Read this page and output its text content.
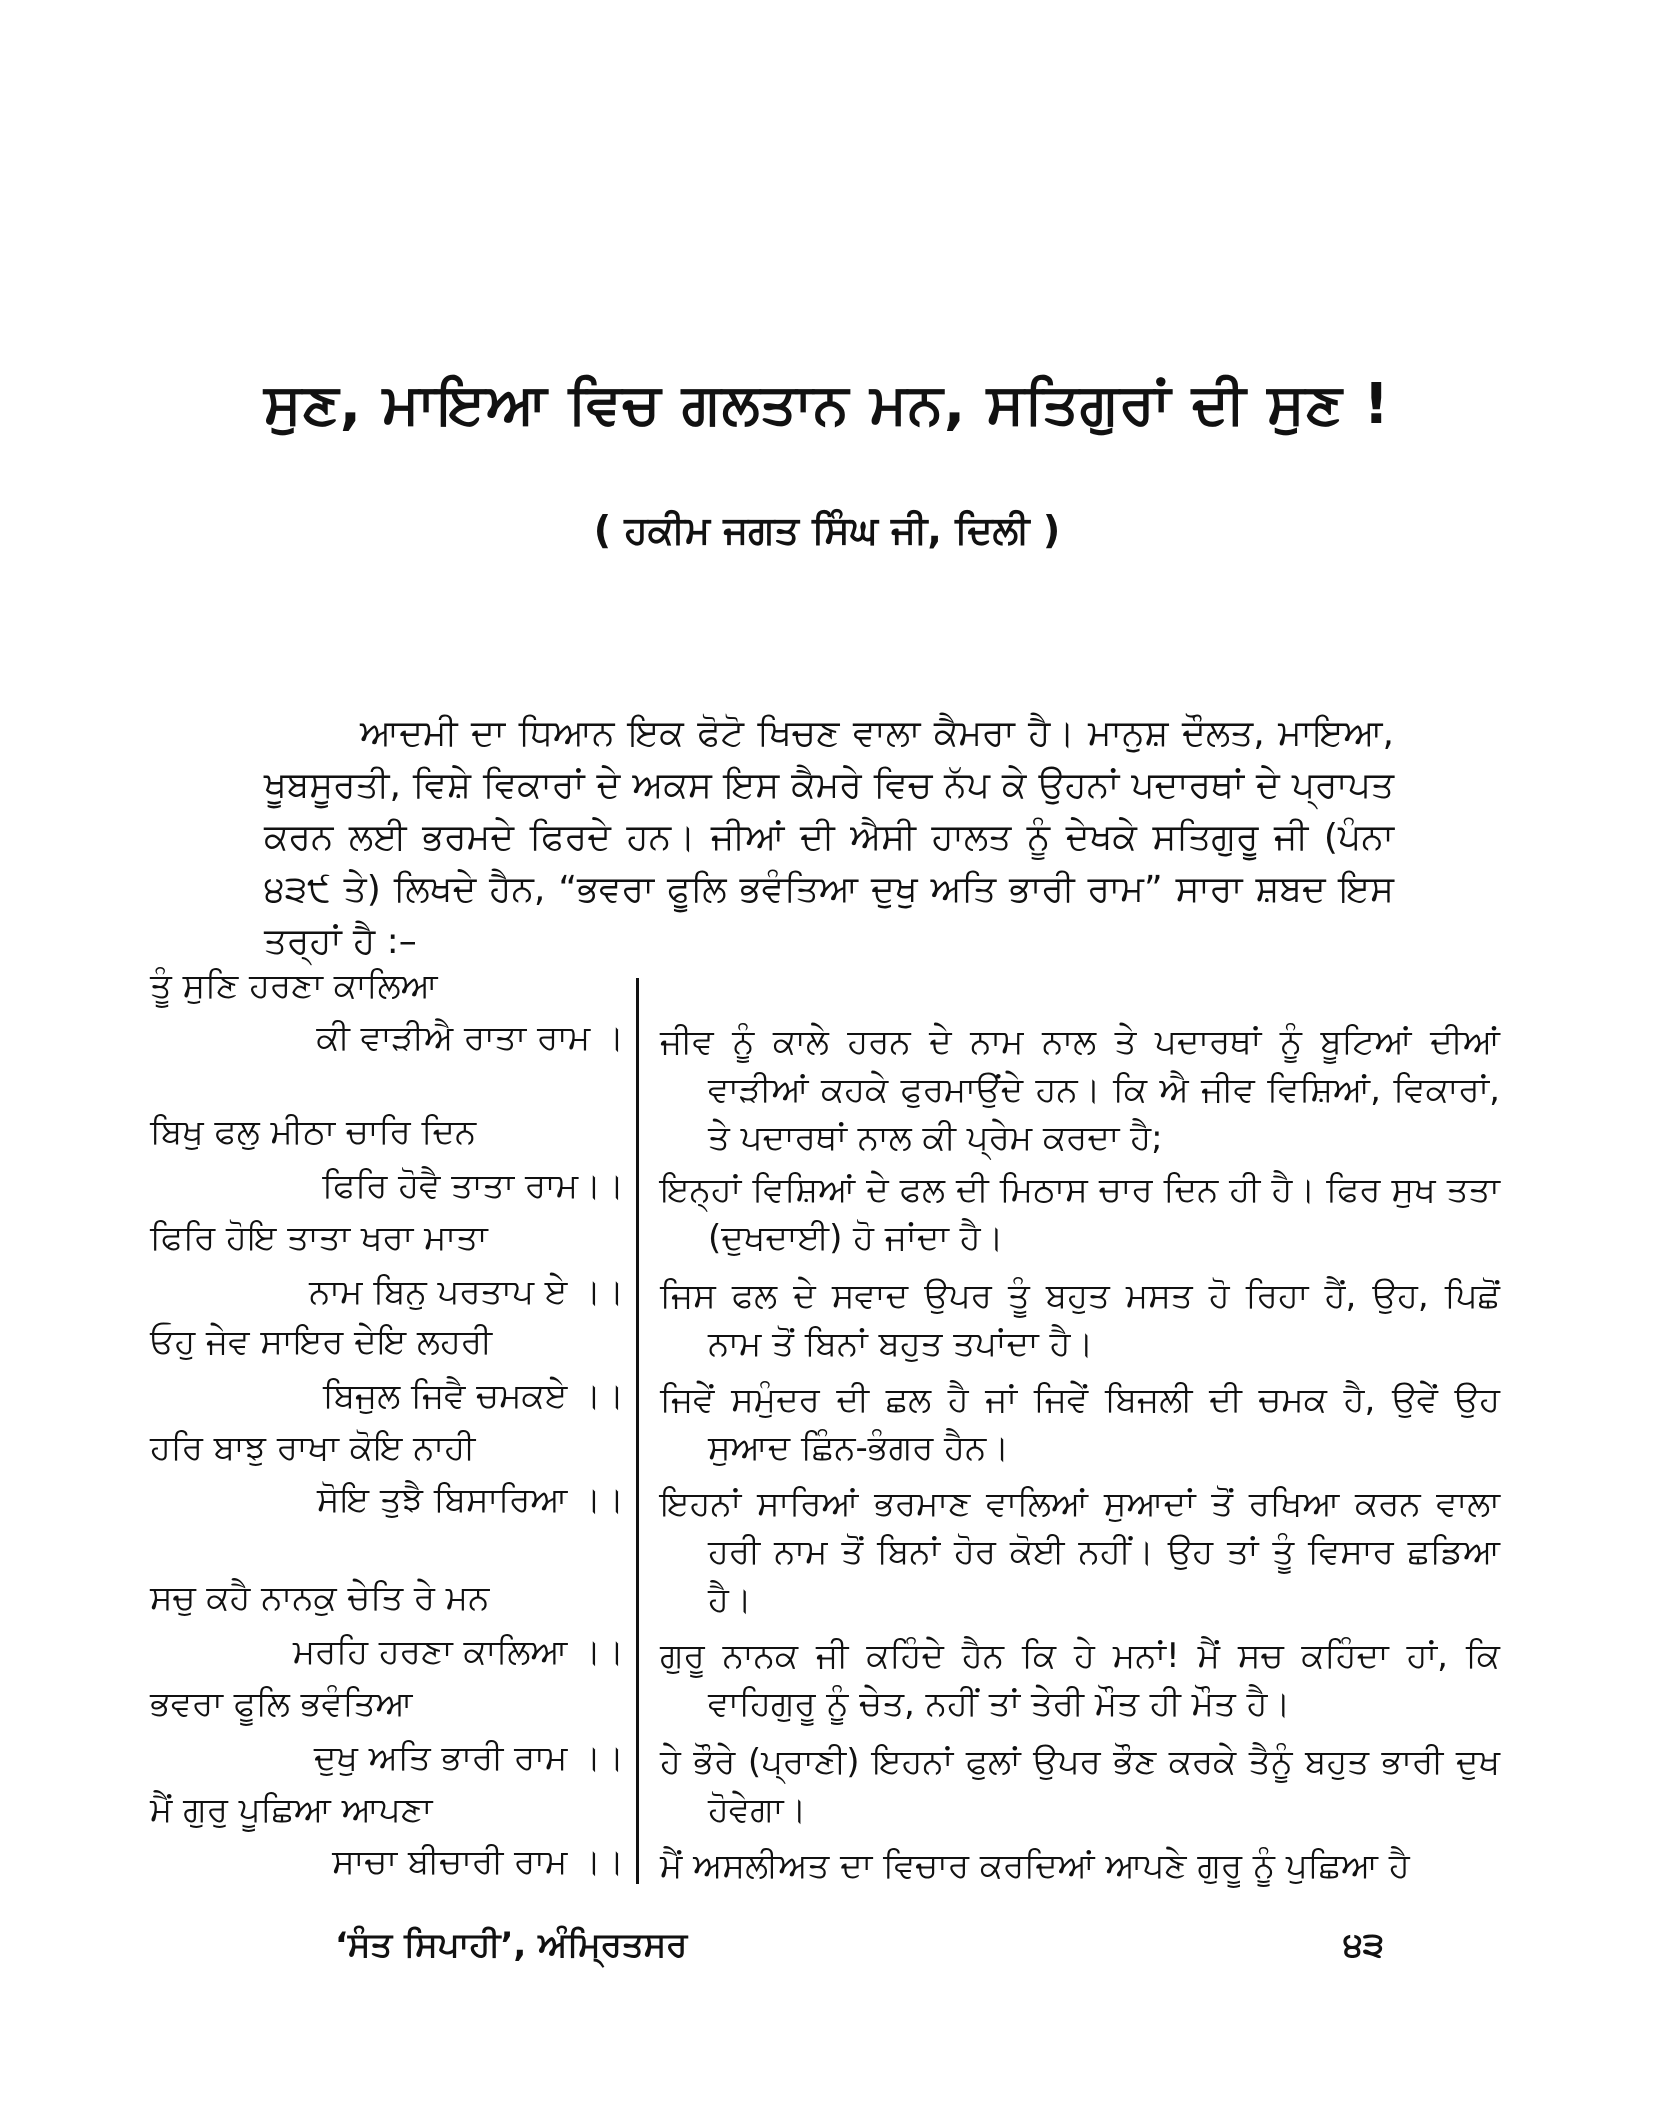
ਸੁਣ, ਮਾਇਆ ਵਿਚ ਗਲਤਾਨ ਮਨ, ਸਤਿਗੁਰਾਂ ਦੀ ਸੁਣ !
( ਹਕੀਮ ਜਗਤ ਸਿੰਘ ਜੀ, ਦਿਲੀ )

ਆਦਮੀ ਦਾ ਧਿਆਨ ਇਕ ਫੋਟੋ ਖਿਚਣ ਵਾਲਾ ਕੈਮਰਾ ਹੈ। ਮਾਨੁਸ਼ ਦੌਲਤ, ਮਾਇਆ, ਖੂਬਸੂਰਤੀ, ਵਿਸ਼ੇ ਵਿਕਾਰਾਂ ਦੇ ਅਕਸ ਇਸ ਕੈਮਰੇ ਵਿਚ ਨੱਪ ਕੇ ਉਹਨਾਂ ਪਦਾਰਥਾਂ ਦੇ ਪ੍ਰਾਪਤ ਕਰਨ ਲਈ ਭਰਮਦੇ ਫਿਰਦੇ ਹਨ। ਜੀਆਂ ਦੀ ਐਸੀ ਹਾਲਤ ਨੂੰ ਦੇਖਕੇ ਸਤਿਗੁਰੂ ਜੀ (ਪੰਨਾ ੪੩੯ ਤੇ) ਲਿਖਦੇ ਹੈਨ, “ਭਵਰਾ ਫੂਲਿ ਭਵੰਤਿਆ ਦੁਖੁ ਅਤਿ ਭਾਰੀ ਰਾਮ” ਸਾਰਾ ਸ਼ਬਦ ਇਸ ਤਰ੍ਹਾਂ ਹੈ :–

ਤੂੰ ਸੁਣਿ ਹਰਣਾ ਕਾਲਿਆ
ਕੀ ਵਾੜੀਐ ਰਾਤਾ ਰਾਮ ।
ਬਿਖੁ ਫਲੁ ਮੀਠਾ ਚਾਰਿ ਦਿਨ
ਫਿਰਿ ਹੋਵੈ ਤਾਤਾ ਰਾਮ।।
ਫਿਰਿ ਹੋਇ ਤਾਤਾ ਖਰਾ ਮਾਤਾ
ਨਾਮ ਬਿਨੁ ਪਰਤਾਪ ਏ ।।
ਓਹੁ ਜੇਵ ਸਾਇਰ ਦੇਇ ਲਹਰੀ
ਬਿਜੁਲ ਜਿਵੈ ਚਮਕਏ ।।
ਹਰਿ ਬਾਝੁ ਰਾਖਾ ਕੋਇ ਨਾਹੀ
ਸੋਇ ਤੁਝੈ ਬਿਸਾਰਿਆ ।।
ਸਚੁ ਕਹੈ ਨਾਨਕੁ ਚੇਤਿ ਰੇ ਮਨ
ਮਰਹਿ ਹਰਣਾ ਕਾਲਿਆ ।।
ਭਵਰਾ ਫੂਲਿ ਭਵੰਤਿਆ
ਦੁਖੁ ਅਤਿ ਭਾਰੀ ਰਾਮ ।।
ਮੈਂ ਗੁਰੁ ਪੂਛਿਆ ਆਪਣਾ
ਸਾਚਾ ਬੀਚਾਰੀ ਰਾਮ ।।

ਜੀਵ ਨੂੰ ਕਾਲੇ ਹਰਨ ਦੇ ਨਾਮ ਨਾਲ ਤੇ ਪਦਾਰਥਾਂ ਨੂੰ ਬੂਟਿਆਂ ਦੀਆਂ ਵਾੜੀਆਂ ਕਹਕੇ ਫੁਰਮਾਉਂਦੇ ਹਨ। ਕਿ ਐ ਜੀਵ ਵਿਸ਼ਿਆਂ, ਵਿਕਾਰਾਂ, ਤੇ ਪਦਾਰਥਾਂ ਨਾਲ ਕੀ ਪ੍ਰੇਮ ਕਰਦਾ ਹੈ;

ਇਨ੍ਹਾਂ ਵਿਸ਼ਿਆਂ ਦੇ ਫਲ ਦੀ ਮਿਠਾਸ ਚਾਰ ਦਿਨ ਹੀ ਹੈ। ਫਿਰ ਸੁਖ ਤਤਾ (ਦੁਖਦਾਈ) ਹੋ ਜਾਂਦਾ ਹੈ।

ਜਿਸ ਫਲ ਦੇ ਸਵਾਦ ਉਪਰ ਤੂੰ ਬਹੁਤ ਮਸਤ ਹੋ ਰਿਹਾ ਹੈਂ, ਉਹ, ਪਿਛੋਂ ਨਾਮ ਤੋਂ ਬਿਨਾਂ ਬਹੁਤ ਤਪਾਂਦਾ ਹੈ।

ਜਿਵੇਂ ਸਮੁੰਦਰ ਦੀ ਛਲ ਹੈ ਜਾਂ ਜਿਵੇਂ ਬਿਜਲੀ ਦੀ ਚਮਕ ਹੈ, ਉਵੇਂ ਉਹ ਸੁਆਦ ਛਿੰਨ-ਭੰਗਰ ਹੈਨ।

ਇਹਨਾਂ ਸਾਰਿਆਂ ਭਰਮਾਣ ਵਾਲਿਆਂ ਸੁਆਦਾਂ ਤੋਂ ਰਖਿਆ ਕਰਨ ਵਾਲਾ ਹਰੀ ਨਾਮ ਤੋਂ ਬਿਨਾਂ ਹੋਰ ਕੋਈ ਨਹੀਂ। ਉਹ ਤਾਂ ਤੂੰ ਵਿਸਾਰ ਛਡਿਆ ਹੈ।

ਗੁਰੂ ਨਾਨਕ ਜੀ ਕਹਿੰਦੇ ਹੈਨ ਕਿ ਹੇ ਮਨਾਂ! ਮੈਂ ਸਚ ਕਹਿੰਦਾ ਹਾਂ, ਕਿ ਵਾਹਿਗੁਰੂ ਨੂੰ ਚੇਤ, ਨਹੀਂ ਤਾਂ ਤੇਰੀ ਮੌਤ ਹੀ ਮੌਤ ਹੈ।

ਹੇ ਭੌਰੇ (ਪ੍ਰਾਣੀ) ਇਹਨਾਂ ਫੁਲਾਂ ਉਪਰ ਭੌਣ ਕਰਕੇ ਤੈਨੂੰ ਬਹੁਤ ਭਾਰੀ ਦੁਖ ਹੋਵੇਗਾ।

ਮੈਂ ਅਸਲੀਅਤ ਦਾ ਵਿਚਾਰ ਕਰਦਿਆਂ ਆਪਣੇ ਗੁਰੂ ਨੂੰ ਪੁਛਿਆ ਹੈ

‘ਸੰਤ ਸਿਪਾਹੀ’, ਅੰਮ੍ਰਿਤਸਰ	੪੩
